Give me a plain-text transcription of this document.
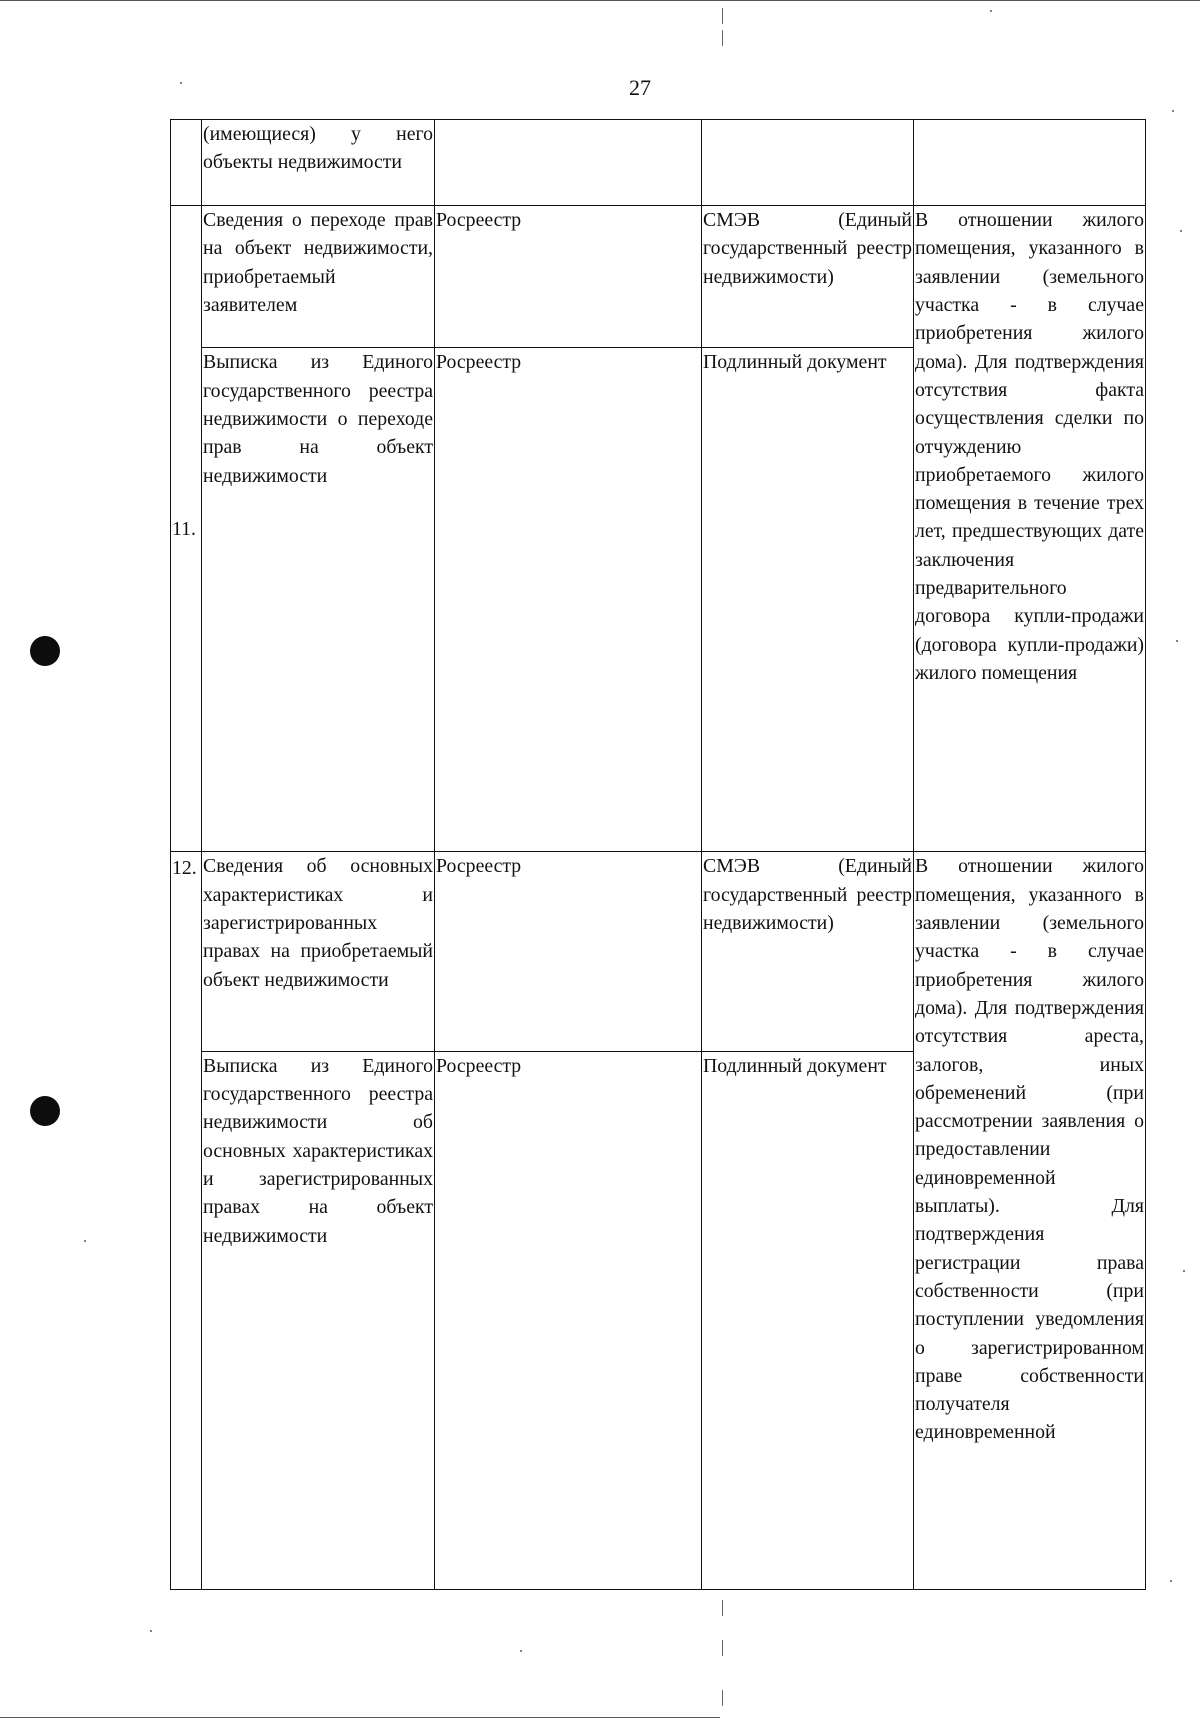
27
	(имеющиеся) у него объекты недвижимости			
11.	Сведения о переходе прав на объект недвижимости, приобретаемый заявителем	Росреестр	СМЭВ (Единый государственный реестр недвижимости)	В отношении жилого помещения, указанного в заявлении (земельного участка - в случае приобретения жилого дома). Для подтверждения отсутствия факта осуществления сделки по отчуждению приобретаемого жилого помещения в течение трех лет, предшествующих дате заключения предварительного договора купли-продажи (договора купли-продажи) жилого помещения
	Выписка из Единого государственного реестра недвижимости о переходе прав на объект недвижимости	Росреестр	Подлинный документ	
12.	Сведения об основных характеристиках и зарегистрированных правах на приобретаемый объект недвижимости	Росреестр	СМЭВ (Единый государственный реестр недвижимости)	В отношении жилого помещения, указанного в заявлении (земельного участка - в случае приобретения жилого дома). Для подтверждения отсутствия ареста, залогов, иных обременений (при рассмотрении заявления о предоставлении единовременной выплаты). Для подтверждения регистрации права собственности (при поступлении уведомления о зарегистрированном праве собственности получателя единовременной
	Выписка из Единого государственного реестра недвижимости об основных характеристиках и зарегистрированных правах на объект недвижимости	Росреестр	Подлинный документ	
